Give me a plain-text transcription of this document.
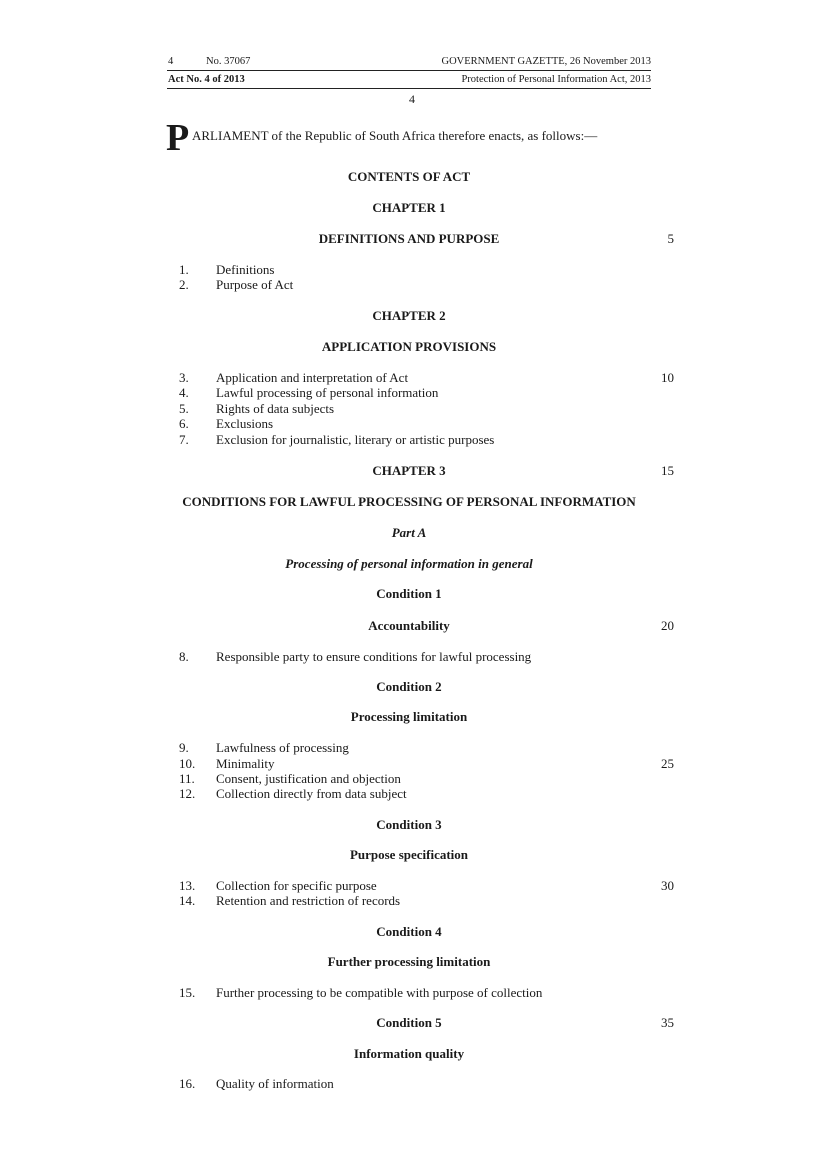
4	No. 37067	GOVERNMENT GAZETTE, 26 November 2013
Act No. 4 of 2013	Protection of Personal Information Act, 2013
4
P ARLIAMENT of the Republic of South Africa therefore enacts, as follows:—
CONTENTS OF ACT
CHAPTER 1
DEFINITIONS AND PURPOSE	5
1. Definitions
2. Purpose of Act
CHAPTER 2
APPLICATION PROVISIONS
3. Application and interpretation of Act	10
4. Lawful processing of personal information
5. Rights of data subjects
6. Exclusions
7. Exclusion for journalistic, literary or artistic purposes
CHAPTER 3	15
CONDITIONS FOR LAWFUL PROCESSING OF PERSONAL INFORMATION
Part A
Processing of personal information in general
Condition 1
Accountability	20
8. Responsible party to ensure conditions for lawful processing
Condition 2
Processing limitation
9. Lawfulness of processing
10. Minimality	25
11. Consent, justification and objection
12. Collection directly from data subject
Condition 3
Purpose specification
13. Collection for specific purpose	30
14. Retention and restriction of records
Condition 4
Further processing limitation
15. Further processing to be compatible with purpose of collection
Condition 5	35
Information quality
16. Quality of information
